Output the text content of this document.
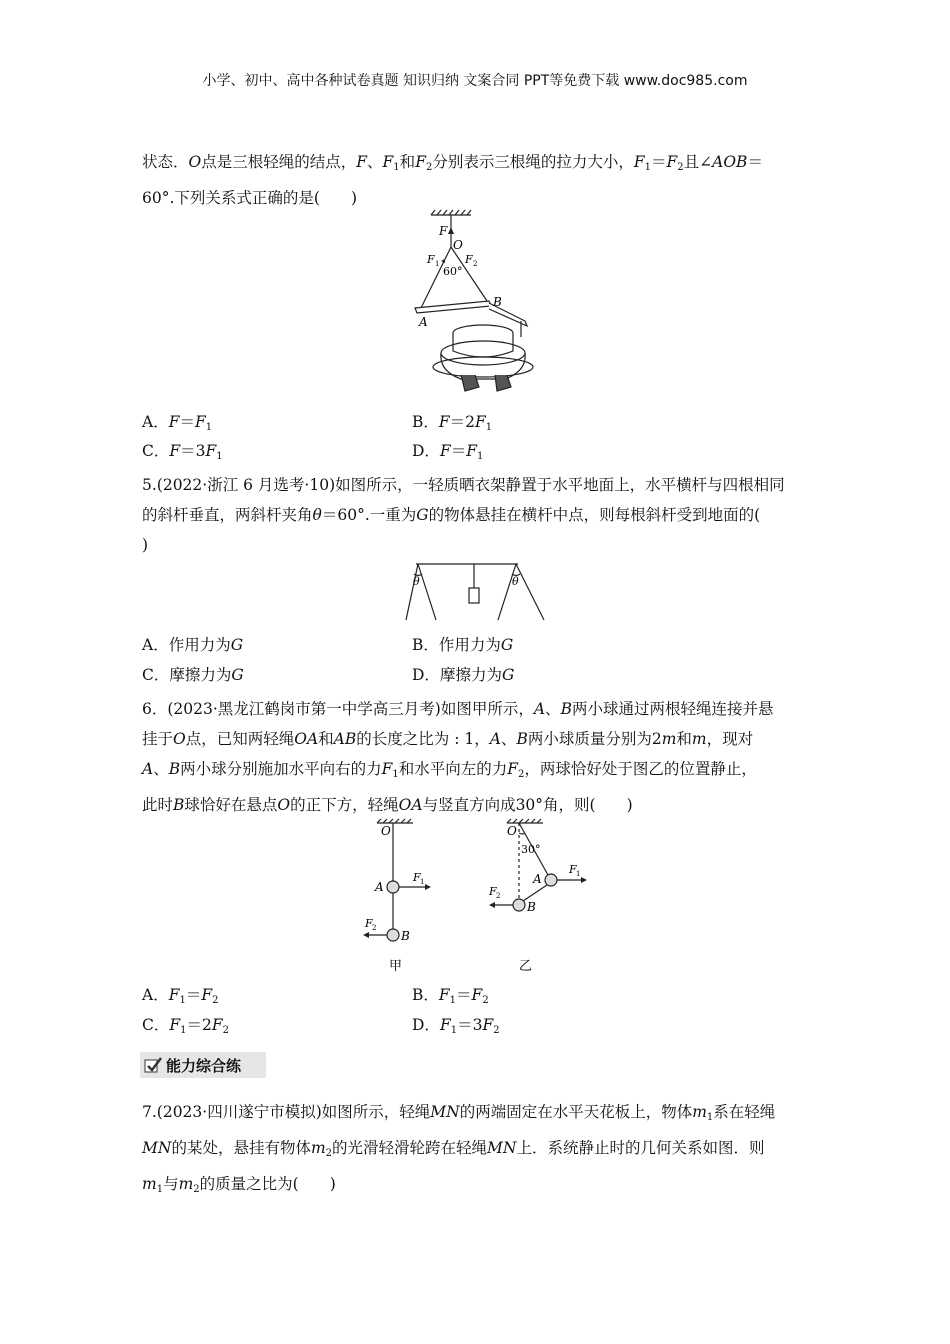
小学、初中、高中各种试卷真题 知识归纳 文案合同 PPT等免费下载 www.doc985.com
状态．O点是三根轻绳的结点，F、$F_1$和$F_2$分别表示三根绳的拉力大小，$F_1=F_2$且∠AOB＝
60°.下列关系式正确的是(　　)
F
O
F 1 F 2
60°
A
B
A．$F=F_1$	B．$F=2F_1$
C．$F=3F_1$	D．$F=F_1$
5.(2022·浙江 6 月选考·10)如图所示，一轻质晒衣架静置于水平地面上，水平横杆与四根相同
的斜杆垂直，两斜杆夹角θ＝60°.一重为G的物体悬挂在横杆中点，则每根斜杆受到地面的(
)
θ	θ
A．作用力为G	B．作用力为G
C．摩擦力为G	D．摩擦力为G
6．(2023·黑龙江鹤岗市第一中学高三月考)如图甲所示，A、B两小球通过两根轻绳连接并悬
挂于O点，已知两轻绳OA和AB的长度之比为 : 1，A、B两小球质量分别为2m和m，现对
A、B两小球分别施加水平向右的力$F_1$和水平向左的力$F_2$，两球恰好处于图乙的位置静止，
此时B球恰好在悬点O的正下方，轻绳OA与竖直方向成30°角，则(　　)
O
A
B
F 1
F 2
甲
O
30°
A
B
F 1
F 2
乙
A．$F_1=F_2$	B．$F_1=F_2$
C．$F_1=2F_2$	D．$F_1=3F_2$
能力综合练
7.(2023·四川遂宁市模拟)如图所示，轻绳MN的两端固定在水平天花板上，物体$m_1$系在轻绳
MN的某处，悬挂有物体$m_2$的光滑轻滑轮跨在轻绳MN上．系统静止时的几何关系如图．则
$m_1$与$m_2$的质量之比为(　　)
